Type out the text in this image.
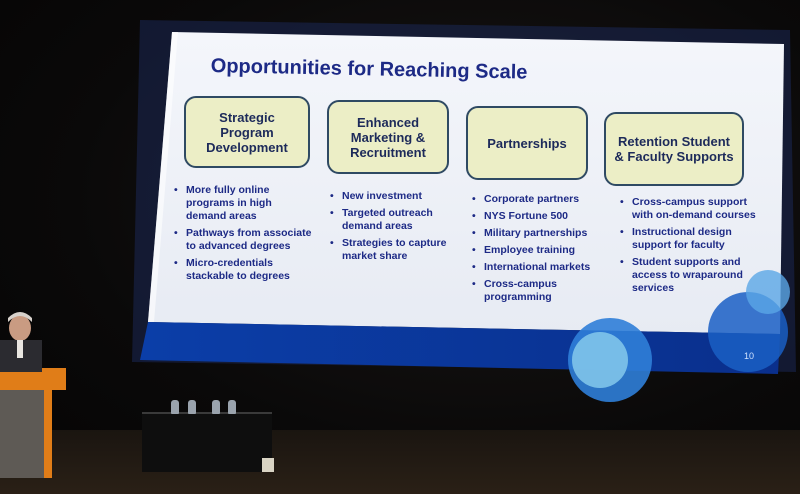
Opportunities for Reaching Scale
Strategic Program Development
Enhanced Marketing & Recruitment
Partnerships	Retention Student & Faculty Supports
• More fully online programs in high demand areas
• Pathways from associate to advanced degrees
• Micro-credentials stackable to degrees
• New investment
• Targeted outreach demand areas
• Strategies to capture market share
• Corporate partners
• NYS Fortune 500
• Military partnerships
• Employee training
• International markets
• Cross-campus programming
• Cross-campus support with on-demand courses
• Instructional design support for faculty
• Student supports and access to wraparound services
10
